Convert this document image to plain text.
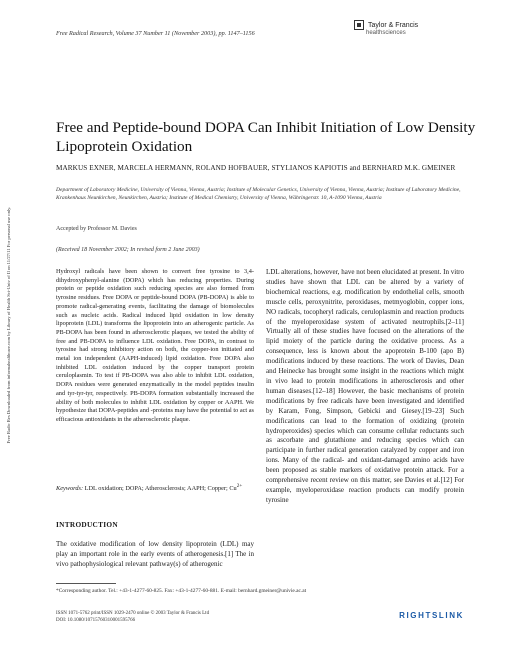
Free Radic Res Downloaded from informahealthcare.com by Library of Health Sci-Univ of Il on 11/27/11 For personal use only.
Free Radical Research, Volume 37 Number 11 (November 2003), pp. 1147–1156
Taylor & Francis
healthsciences
Free and Peptide-bound DOPA Can Inhibit Initiation of Low Density Lipoprotein Oxidation
MARKUS EXNER, MARCELA HERMANN, ROLAND HOFBAUER, STYLIANOS KAPIOTIS and BERNHARD M.K. GMEINER
Department of Laboratory Medicine, University of Vienna, Vienna, Austria; Institute of Molecular Genetics, University of Vienna, Vienna, Austria; Institute of Laboratory Medicine, Krankenhaus Neunkirchen, Neunkirchen, Austria; Institute of Medical Chemistry, University of Vienna, Währingerstr. 10, A-1090 Vienna, Austria
Accepted by Professor M. Davies
(Received 18 November 2002; In revised form 2 June 2003)
Hydroxyl radicals have been shown to convert free tyrosine to 3,4-dihydroxyphenyl-alanine (DOPA) which has reducing properties. During protein or peptide oxidation such reducing species are also formed from tyrosine residues. Free DOPA or peptide-bound DOPA (PB-DOPA) is able to promote radical-generating events, facilitating the damage of biomolecules such as nucleic acids. Radical induced lipid oxidation in low density lipoprotein (LDL) transforms the lipoprotein into an atherogenic particle. As PB-DOPA has been found in atherosclerotic plaques, we tested the ability of free and PB-DOPA to influence LDL oxidation. Free DOPA, in contrast to tyrosine had strong inhibitory action on both, the copper-ion initiated and metal ion independent (AAPH-induced) lipid oxidation. Free DOPA also inhibited LDL oxidation induced by the copper transport protein ceruloplasmin. To test if PB-DOPA was also able to inhibit LDL oxidation, DOPA residues were generated enzymatically in the model peptides insulin and tyr-tyr-tyr, respectively. PB-DOPA formation substantially increased the ability of both molecules to inhibit LDL oxidation by copper or AAPH. We hypothesize that DOPA-peptides and -proteins may have the potential to act as efficacious antioxidants in the atherosclerotic plaque.
Keywords: LDL oxidation; DOPA; Atherosclerosis; AAPH; Copper; $Cu^{2+}$
INTRODUCTION
The oxidative modification of low density lipoprotein (LDL) may play an important role in the early events of atherogenesis.[1] The in vivo pathophysiological relevant pathway(s) of atherogenic
LDL alterations, however, have not been elucidated at present. In vitro studies have shown that LDL can be altered by a variety of biochemical reactions, e.g. modification by endothelial cells, smooth muscle cells, peroxynitrite, peroxidases, metmyoglobin, copper ions, NO radicals, tocopheryl radicals, ceruloplasmin and reaction products of the myeloperoxidase system of activated neutrophils.[2–11] Virtually all of these studies have focused on the alterations of the lipid moiety of the particle during the oxidative process. As a consequence, less is known about the apoprotein B-100 (apo B) modifications induced by these reactions. The work of Davies, Dean and Heinecke has brought some insight in the reactions which might in vivo lead to protein modifications in atherosclerosis and other human diseases.[12–18] However, the basic mechanisms of protein modifications by free radicals have been investigated and identified by Karam, Fong, Simpson, Gebicki and Giesey.[19–23] Such modifications can lead to the formation of oxidizing (protein hydroperoxides) species which can consume cellular reductants such as ascorbate and glutathione and reducing species which can participate in further radical generation catalyzed by copper and iron ions. Many of the radical- and oxidant-damaged amino acids have been proposed as stable markers of oxidative protein attack. For a comprehensive recent review on this matter, see Davies et al.[12] For example, myeloperoxidase reaction products can modify protein tyrosine
*Corresponding author. Tel.: +43-1-4277-60-825. Fax: +43-1-4277-60-881. E-mail: bernhard.gmeiner@univie.ac.at
ISSN 1071-5762 print/ISSN 1029-2470 online © 2003 Taylor & Francis Ltd
DOI: 10.1080/10715760310001595766
RIGHTSLINK
